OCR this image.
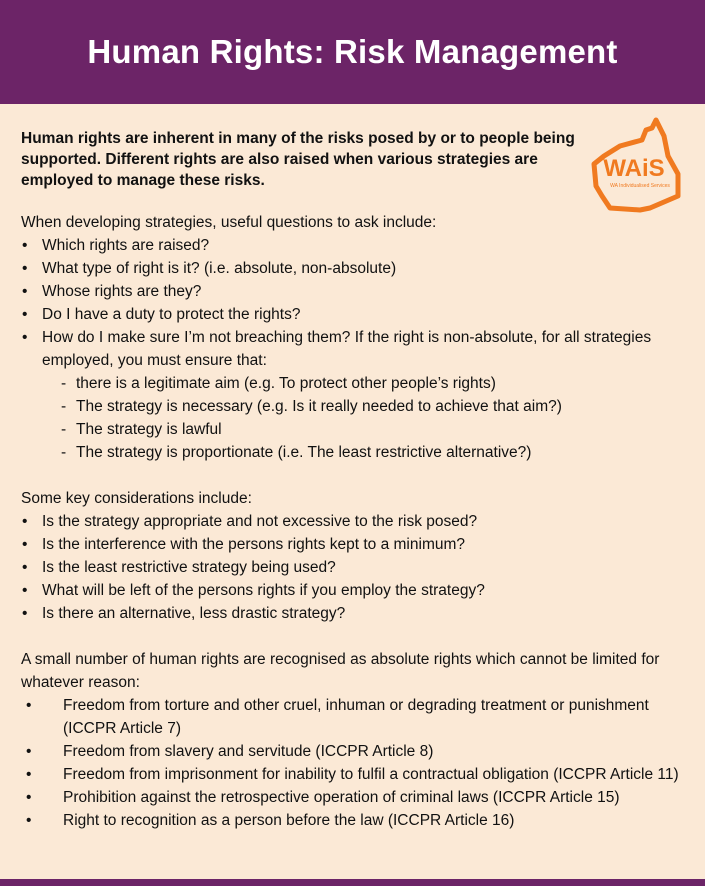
Human Rights: Risk Management
WAiS
WA Individualised Services

Human rights are inherent in many of the risks posed by or to people being supported. Different rights are also raised when various strategies are employed to manage these risks.

When developing strategies, useful questions to ask include:

• Which rights are raised?
• What type of right is it? (i.e. absolute, non-absolute)
• Whose rights are they?
• Do I have a duty to protect the rights?
• How do I make sure I’m not breaching them? If the right is non-absolute, for all strategies employed, you must ensure that:
- there is a legitimate aim (e.g. To protect other people’s rights)
- The strategy is necessary (e.g. Is it really needed to achieve that aim?)
- The strategy is lawful
- The strategy is proportionate (i.e. The least restrictive alternative?)

Some key considerations include:

• Is the strategy appropriate and not excessive to the risk posed?
• Is the interference with the persons rights kept to a minimum?
• Is the least restrictive strategy being used?
• What will be left of the persons rights if you employ the strategy?
• Is there an alternative, less drastic strategy?

A small number of human rights are recognised as absolute rights which cannot be limited for whatever reason:

• Freedom from torture and other cruel, inhuman or degrading treatment or punishment (ICCPR Article 7)
• Freedom from slavery and servitude (ICCPR Article 8)
• Freedom from imprisonment for inability to fulfil a contractual obligation (ICCPR Article 11)
• Prohibition against the retrospective operation of criminal laws (ICCPR Article 15)
• Right to recognition as a person before the law (ICCPR Article 16)
